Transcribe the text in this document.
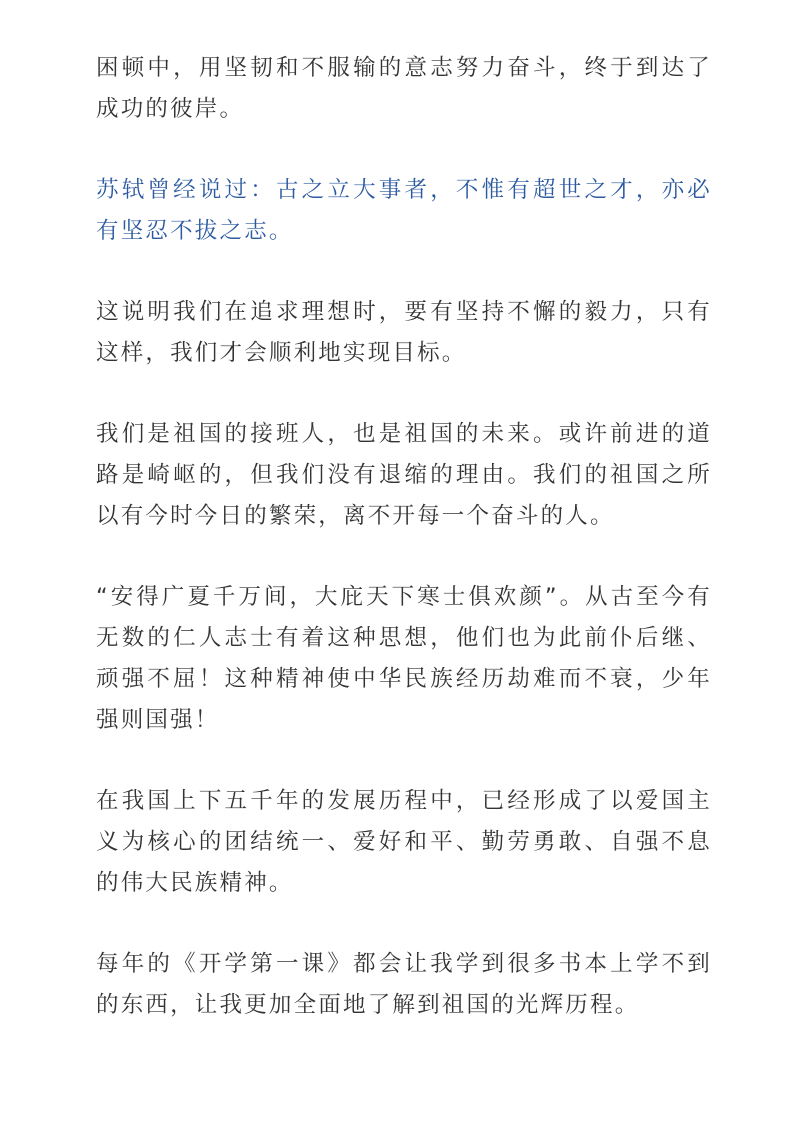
困顿中，用坚韧和不服输的意志努力奋斗，终于到达了成功的彼岸。

苏轼曾经说过：古之立大事者，不惟有超世之才，亦必有坚忍不拔之志。

这说明我们在追求理想时，要有坚持不懈的毅力，只有这样，我们才会顺利地实现目标。

我们是祖国的接班人，也是祖国的未来。或许前进的道路是崎岖的，但我们没有退缩的理由。我们的祖国之所以有今时今日的繁荣，离不开每一个奋斗的人。

“安得广夏千万间，大庇天下寒士俱欢颜”。从古至今有无数的仁人志士有着这种思想，他们也为此前仆后继、顽强不屈！这种精神使中华民族经历劫难而不衰，少年强则国强！

在我国上下五千年的发展历程中，已经形成了以爱国主义为核心的团结统一、爱好和平、勤劳勇敢、自强不息的伟大民族精神。

每年的《开学第一课》都会让我学到很多书本上学不到的东西，让我更加全面地了解到祖国的光辉历程。
